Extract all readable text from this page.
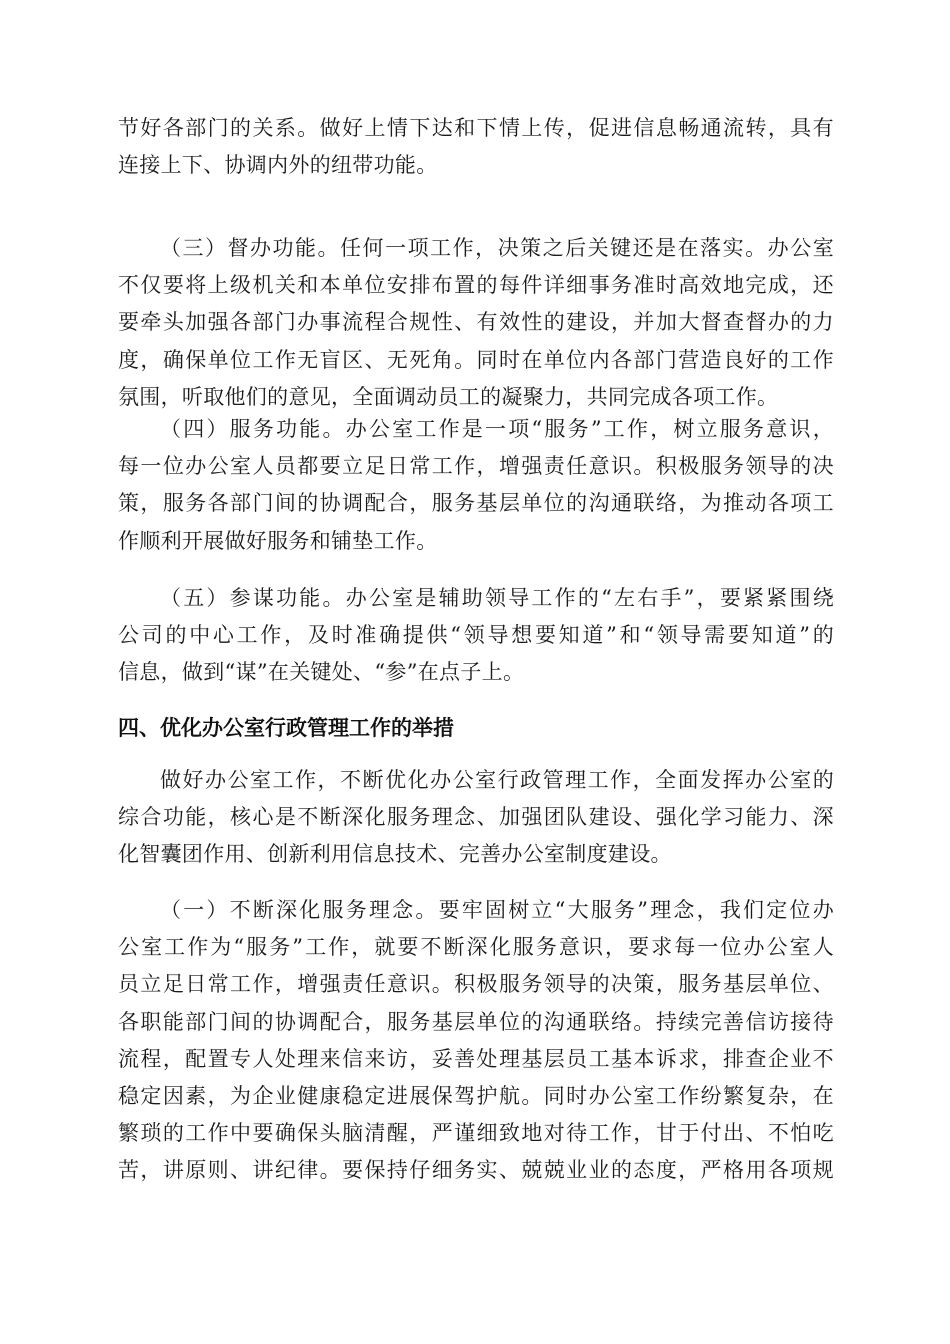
节好各部门的关系。做好上情下达和下情上传，促进信息畅通流转，具有
连接上下、协调内外的纽带功能。
（三）督办功能。任何一项工作，决策之后关键还是在落实。办公室
不仅要将上级机关和本单位安排布置的每件详细事务准时高效地完成，还
要牵头加强各部门办事流程合规性、有效性的建设，并加大督查督办的力
度，确保单位工作无盲区、无死角。同时在单位内各部门营造良好的工作
氛围，听取他们的意见，全面调动员工的凝聚力，共同完成各项工作。
（四）服务功能。办公室工作是一项“服务”工作，树立服务意识，
每一位办公室人员都要立足日常工作，增强责任意识。积极服务领导的决
策，服务各部门间的协调配合，服务基层单位的沟通联络，为推动各项工
作顺利开展做好服务和铺垫工作。
（五）参谋功能。办公室是辅助领导工作的“左右手”，要紧紧围绕
公司的中心工作，及时准确提供“领导想要知道”和“领导需要知道”的
信息，做到“谋”在关键处、“参”在点子上。
四、优化办公室行政管理工作的举措
做好办公室工作，不断优化办公室行政管理工作，全面发挥办公室的
综合功能，核心是不断深化服务理念、加强团队建设、强化学习能力、深
化智囊团作用、创新利用信息技术、完善办公室制度建设。
（一）不断深化服务理念。要牢固树立“大服务”理念，我们定位办
公室工作为“服务”工作，就要不断深化服务意识，要求每一位办公室人
员立足日常工作，增强责任意识。积极服务领导的决策，服务基层单位、
各职能部门间的协调配合，服务基层单位的沟通联络。持续完善信访接待
流程，配置专人处理来信来访，妥善处理基层员工基本诉求，排查企业不
稳定因素，为企业健康稳定进展保驾护航。同时办公室工作纷繁复杂，在
繁琐的工作中要确保头脑清醒，严谨细致地对待工作，甘于付出、不怕吃
苦，讲原则、讲纪律。要保持仔细务实、兢兢业业的态度，严格用各项规
